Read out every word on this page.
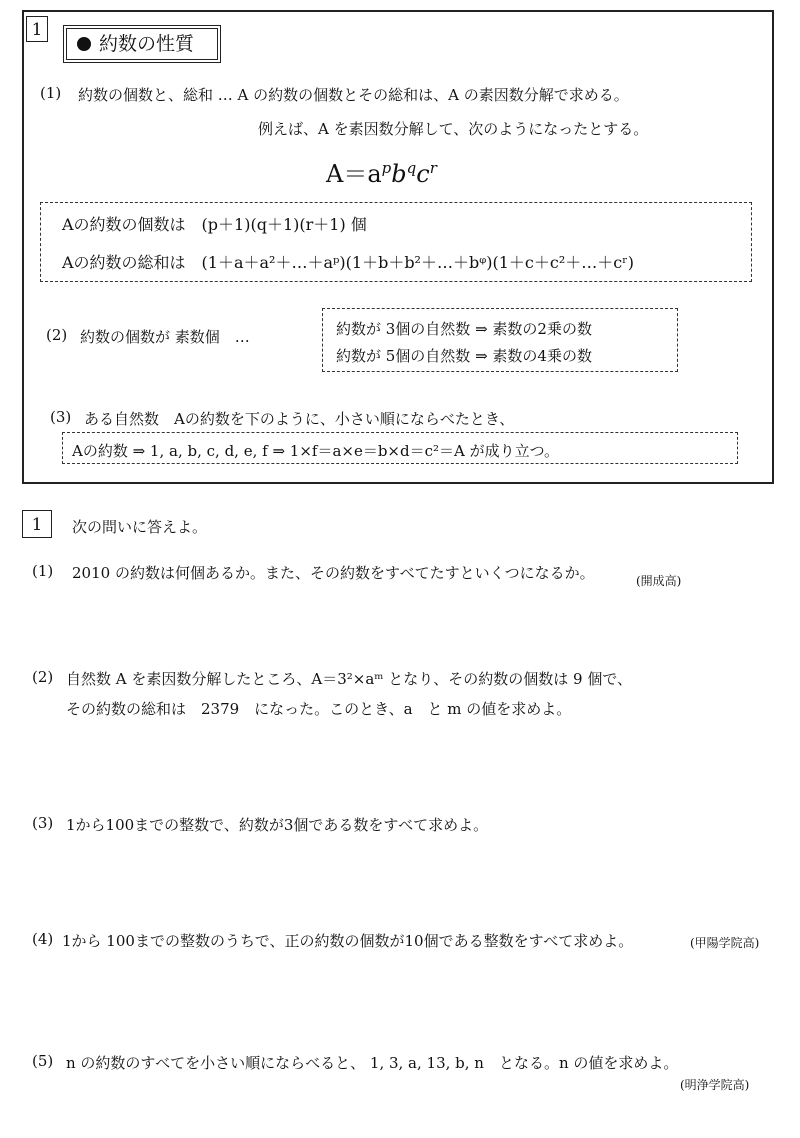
1
約数の性質
(1) 約数の個数と、総和 … A の約数の個数とその総和は、A の素因数分解で求める。
例えば、A を素因数分解して、次のようになったとする。
$A=a^pb^qc^r$
Aの約数の個数は　(p＋1)(q＋1)(r＋1) 個
Aの約数の総和は　(1＋a＋a²＋…＋aᵖ)(1＋b＋b²＋…＋bᵠ)(1＋c＋c²＋…＋cʳ)
(2) 約数の個数が 素数個　…	約数が 3個の自然数 ⇒ 素数の2乗の数
約数が 5個の自然数 ⇒ 素数の4乗の数
(3) ある自然数　Aの約数を下のように、小さい順にならべたとき、
Aの約数 ⇒ 1, a, b, c, d, e, f ⇒ 1×f＝a×e＝b×d＝c²＝A が成り立つ。
1	次の問いに答えよ。
(1) 2010 の約数は何個あるか。また、その約数をすべてたすといくつになるか。	(開成高)
(2) 自然数 A を素因数分解したところ、A＝3²×aᵐ となり、その約数の個数は 9 個で、
その約数の総和は　2379　になった。このとき、a　と m の値を求めよ。
(3) 1から100までの整数で、約数が3個である数をすべて求めよ。
(4) 1から 100までの整数のうちで、正の約数の個数が10個である整数をすべて求めよ。	(甲陽学院高)
(5) n の約数のすべてを小さい順にならべると、 1, 3, a, 13, b, n　となる。n の値を求めよ。
(明浄学院高)
